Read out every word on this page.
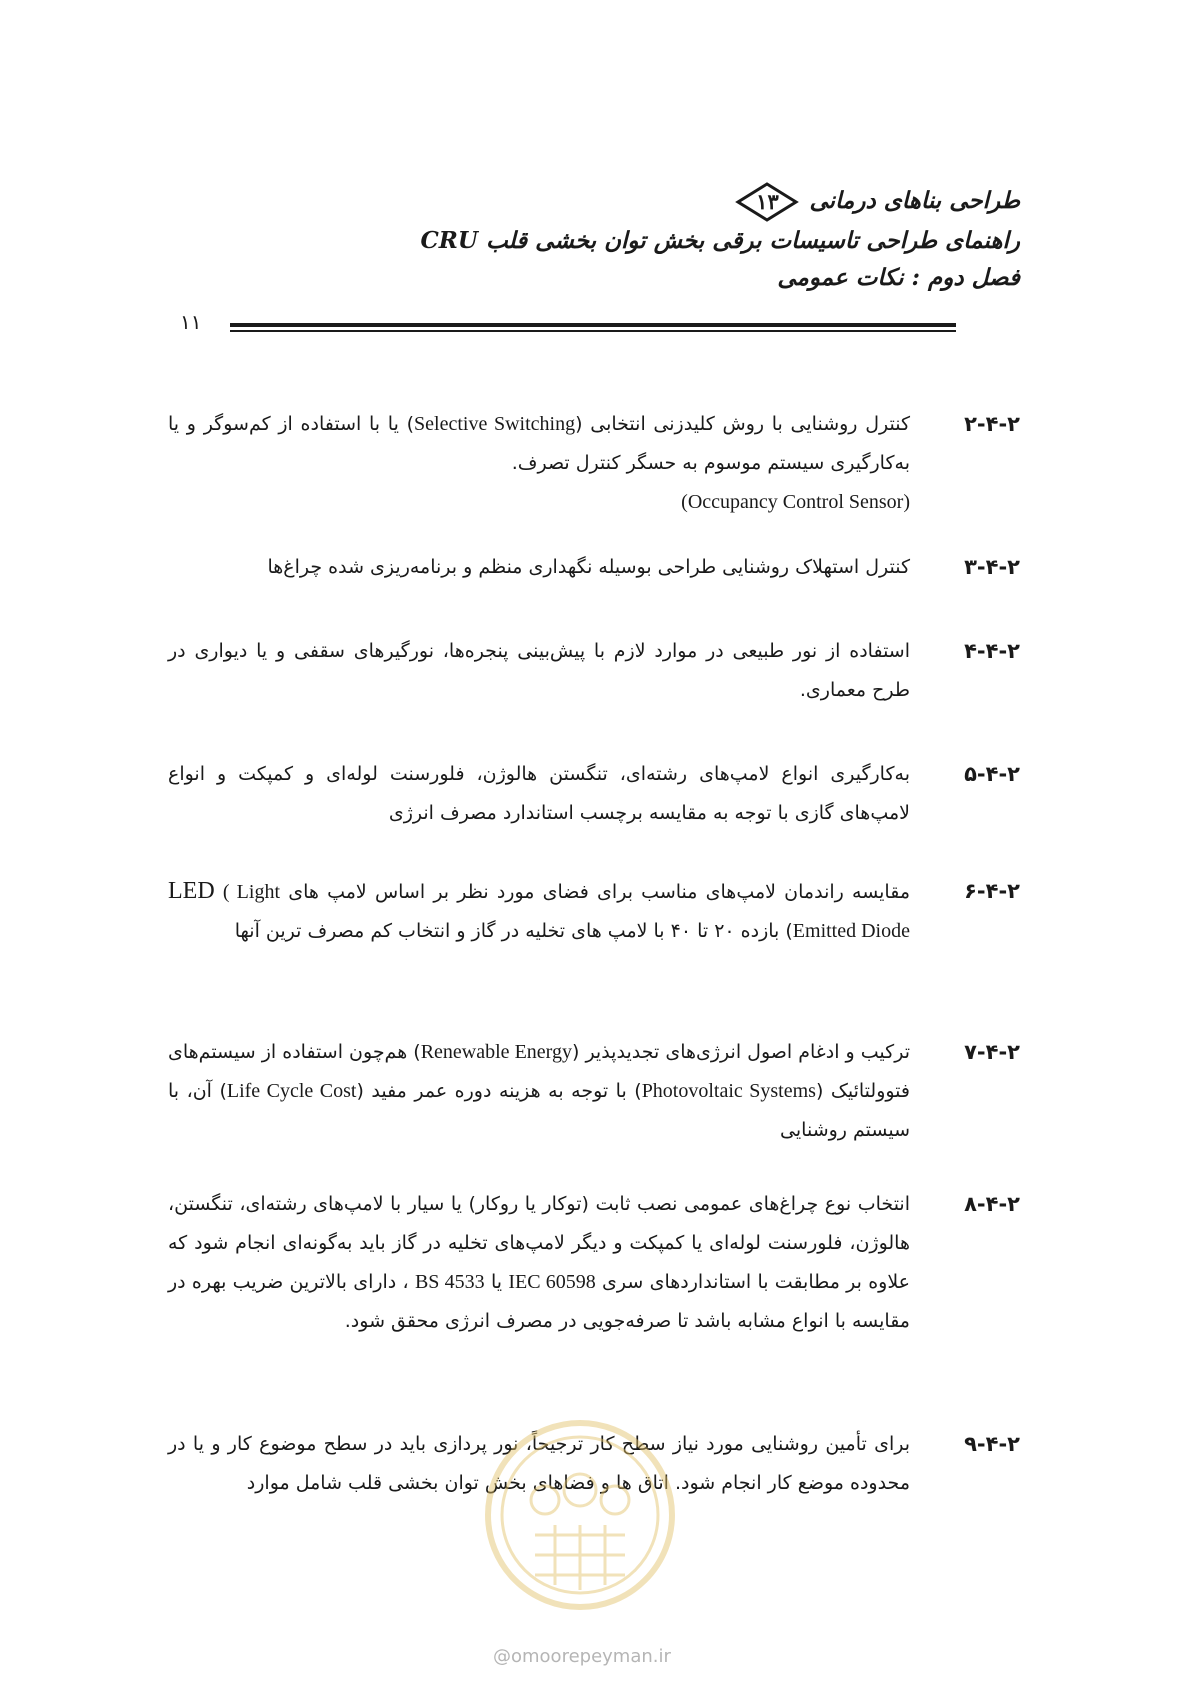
طراحی بناهای درمانی
۱۳
راهنمای طراحی تاسیسات برقی بخش توان بخشی قلب CRU
فصل دوم : نکات عمومی
۱۱
۲-۴-۲
کنترل روشنایی با روش کلیدزنی انتخابی (Selective Switching) یا با استفاده از کم‌سوگر و یا به‌کارگیری سیستم موسوم به حسگر کنترل تصرف.
(Occupancy Control Sensor)
۳-۴-۲
کنترل استهلاک روشنایی طراحی بوسیله نگهداری منظم و برنامه‌ریزی شده چراغ‌ها
۴-۴-۲
استفاده از نور طبیعی در موارد لازم با پیش‌بینی پنجره‌ها، نورگیرهای سقفی و یا دیواری در طرح معماری.
۵-۴-۲
به‌کارگیری انواع لامپ‌های رشته‌ای، تنگستن هالوژن، فلورسنت لوله‌ای و کمپکت و انواع لامپ‌های گازی با توجه به مقایسه برچسب استاندارد مصرف انرژی
۶-۴-۲
مقایسه راندمان لامپ‌های مناسب برای فضای مورد نظر بر اساس لامپ های LED ( Light Emitted Diode) بازده ۲۰ تا ۴۰ با لامپ های تخلیه در گاز و انتخاب کم مصرف ترین آنها
۷-۴-۲
ترکیب و ادغام اصول انرژی‌های تجدیدپذیر (Renewable Energy) هم‌چون استفاده از سیستم‌های فتوولتائیک (Photovoltaic Systems) با توجه به هزینه دوره عمر مفید (Life Cycle Cost) آن، با سیستم روشنایی
۸-۴-۲
انتخاب نوع چراغ‌های عمومی نصب ثابت (توکار یا روکار) یا سیار با لامپ‌های رشته‌ای، تنگستن، هالوژن، فلورسنت لوله‌ای یا کمپکت و دیگر لامپ‌های تخلیه در گاز باید به‌گونه‌ای انجام شود که علاوه بر مطابقت با استانداردهای سری IEC 60598 یا BS 4533 ، دارای بالاترین ضریب بهره در مقایسه با انواع مشابه باشد تا صرفه‌جویی در مصرف انرژی محقق شود.
۹-۴-۲
برای تأمین روشنایی مورد نیاز سطح کار ترجیحاً، نور پردازی باید در سطح موضوع کار و یا در محدوده موضع کار انجام شود. اتاق ها و فضاهای بخش توان بخشی قلب شامل موارد
@omoorepeyman.ir
